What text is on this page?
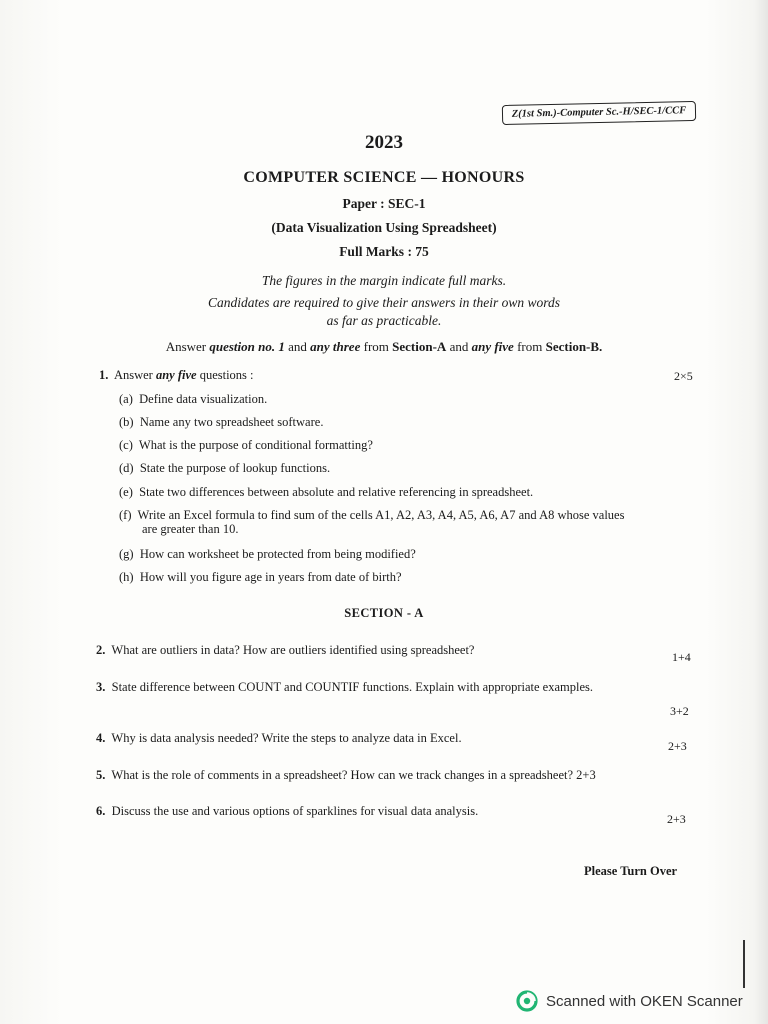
Z(1st Sm.)-Computer Sc.-H/SEC-1/CCF
2023
COMPUTER SCIENCE — HONOURS
Paper : SEC-1
(Data Visualization Using Spreadsheet)
Full Marks : 75
The figures in the margin indicate full marks.
Candidates are required to give their answers in their own words
as far as practicable.
Answer question no. 1 and any three from Section-A and any five from Section-B.
1. Answer any five questions :	2×5
(a) Define data visualization.
(b) Name any two spreadsheet software.
(c) What is the purpose of conditional formatting?
(d) State the purpose of lookup functions.
(e) State two differences between absolute and relative referencing in spreadsheet.
(f) Write an Excel formula to find sum of the cells A1, A2, A3, A4, A5, A6, A7 and A8 whose values
are greater than 10.
(g) How can worksheet be protected from being modified?
(h) How will you figure age in years from date of birth?
SECTION - A
2. What are outliers in data? How are outliers identified using spreadsheet?	1+4
3. State difference between COUNT and COUNTIF functions. Explain with appropriate examples.
3+2
4. Why is data analysis needed? Write the steps to analyze data in Excel.
2+3
5. What is the role of comments in a spreadsheet? How can we track changes in a spreadsheet? 2+3
6. Discuss the use and various options of sparklines for visual data analysis.
2+3
Please Turn Over
Scanned with OKEN Scanner
